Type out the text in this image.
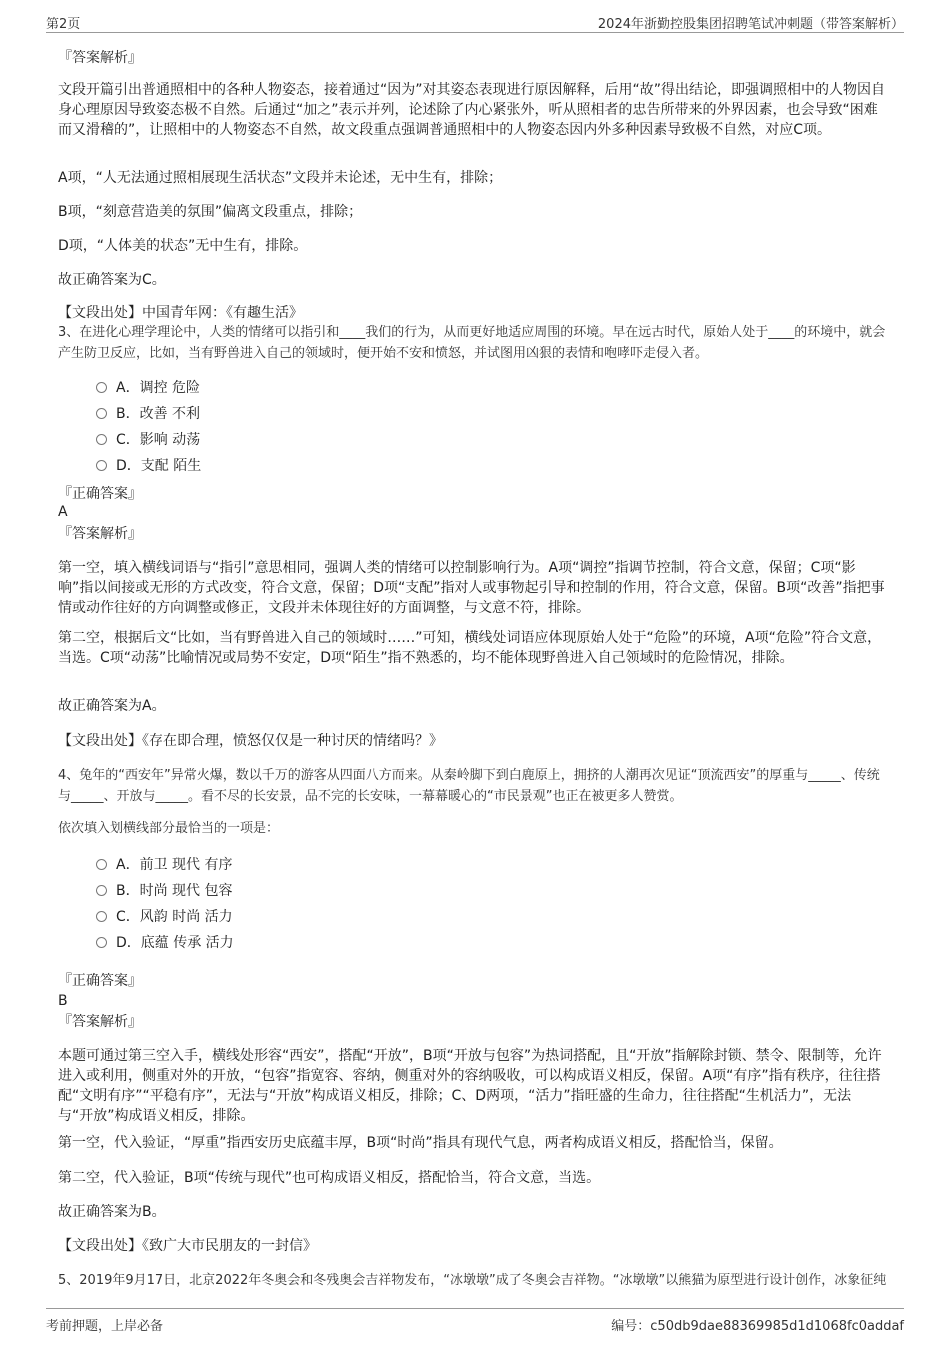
第2页	2024年浙勤控股集团招聘笔试冲刺题（带答案解析）
『答案解析』
文段开篇引出普通照相中的各种人物姿态，接着通过“因为”对其姿态表现进行原因解释，后用“故”得出结论，即强调照相中的人物因自身心理原因导致姿态极不自然。后通过“加之”表示并列，论述除了内心紧张外，听从照相者的忠告所带来的外界因素，也会导致“困难而又滑稽的”，让照相中的人物姿态不自然，故文段重点强调普通照相中的人物姿态因内外多种因素导致极不自然，对应C项。
A项，“人无法通过照相展现生活状态”文段并未论述，无中生有，排除；
B项，“刻意营造美的氛围”偏离文段重点，排除；
D项，“人体美的状态”无中生有，排除。
故正确答案为C。
【文段出处】中国青年网：《有趣生活》
3、在进化心理学理论中，人类的情绪可以指引和____我们的行为，从而更好地适应周围的环境。早在远古时代，原始人处于____的环境中，就会产生防卫反应，比如，当有野兽进入自己的领域时，便开始不安和愤怒，并试图用凶狠的表情和咆哮吓走侵入者。
A．调控 危险
B．改善 不利
C．影响 动荡
D．支配 陌生
『正确答案』
A
『答案解析』
第一空，填入横线词语与“指引”意思相同，强调人类的情绪可以控制影响行为。A项“调控”指调节控制，符合文意，保留；C项“影响”指以间接或无形的方式改变，符合文意，保留；D项“支配”指对人或事物起引导和控制的作用，符合文意，保留。B项“改善”指把事情或动作往好的方向调整或修正，文段并未体现往好的方面调整，与文意不符，排除。
第二空，根据后文“比如，当有野兽进入自己的领域时……”可知，横线处词语应体现原始人处于“危险”的环境，A项“危险”符合文意，当选。C项“动荡”比喻情况或局势不安定，D项“陌生”指不熟悉的，均不能体现野兽进入自己领域时的危险情况，排除。
故正确答案为A。
【文段出处】《存在即合理，愤怒仅仅是一种讨厌的情绪吗？》
4、兔年的“西安年”异常火爆，数以千万的游客从四面八方而来。从秦岭脚下到白鹿原上，拥挤的人潮再次见证“顶流西安”的厚重与_____、传统与_____、开放与_____。看不尽的长安景，品不完的长安味，一幕幕暖心的“市民景观”也正在被更多人赞赏。
依次填入划横线部分最恰当的一项是：
A．前卫 现代 有序
B．时尚 现代 包容
C．风韵 时尚 活力
D．底蕴 传承 活力
『正确答案』
B
『答案解析』
本题可通过第三空入手，横线处形容“西安”，搭配“开放”，B项“开放与包容”为热词搭配，且“开放”指解除封锁、禁令、限制等，允许进入或利用，侧重对外的开放，“包容”指宽容、容纳，侧重对外的容纳吸收，可以构成语义相反，保留。A项“有序”指有秩序，往往搭配“文明有序”“平稳有序”，无法与“开放”构成语义相反，排除；C、D两项，“活力”指旺盛的生命力，往往搭配“生机活力”，无法与“开放”构成语义相反，排除。
第一空，代入验证，“厚重”指西安历史底蕴丰厚，B项“时尚”指具有现代气息，两者构成语义相反，搭配恰当，保留。
第二空，代入验证，B项“传统与现代”也可构成语义相反，搭配恰当，符合文意，当选。
故正确答案为B。
【文段出处】《致广大市民朋友的一封信》
5、2019年9月17日，北京2022年冬奥会和冬残奥会吉祥物发布，“冰墩墩”成了冬奥会吉祥物。“冰墩墩”以熊猫为原型进行设计创作，冰象征纯
考前押题，上岸必备	编号：c50db9dae88369985d1d1068fc0addaf
